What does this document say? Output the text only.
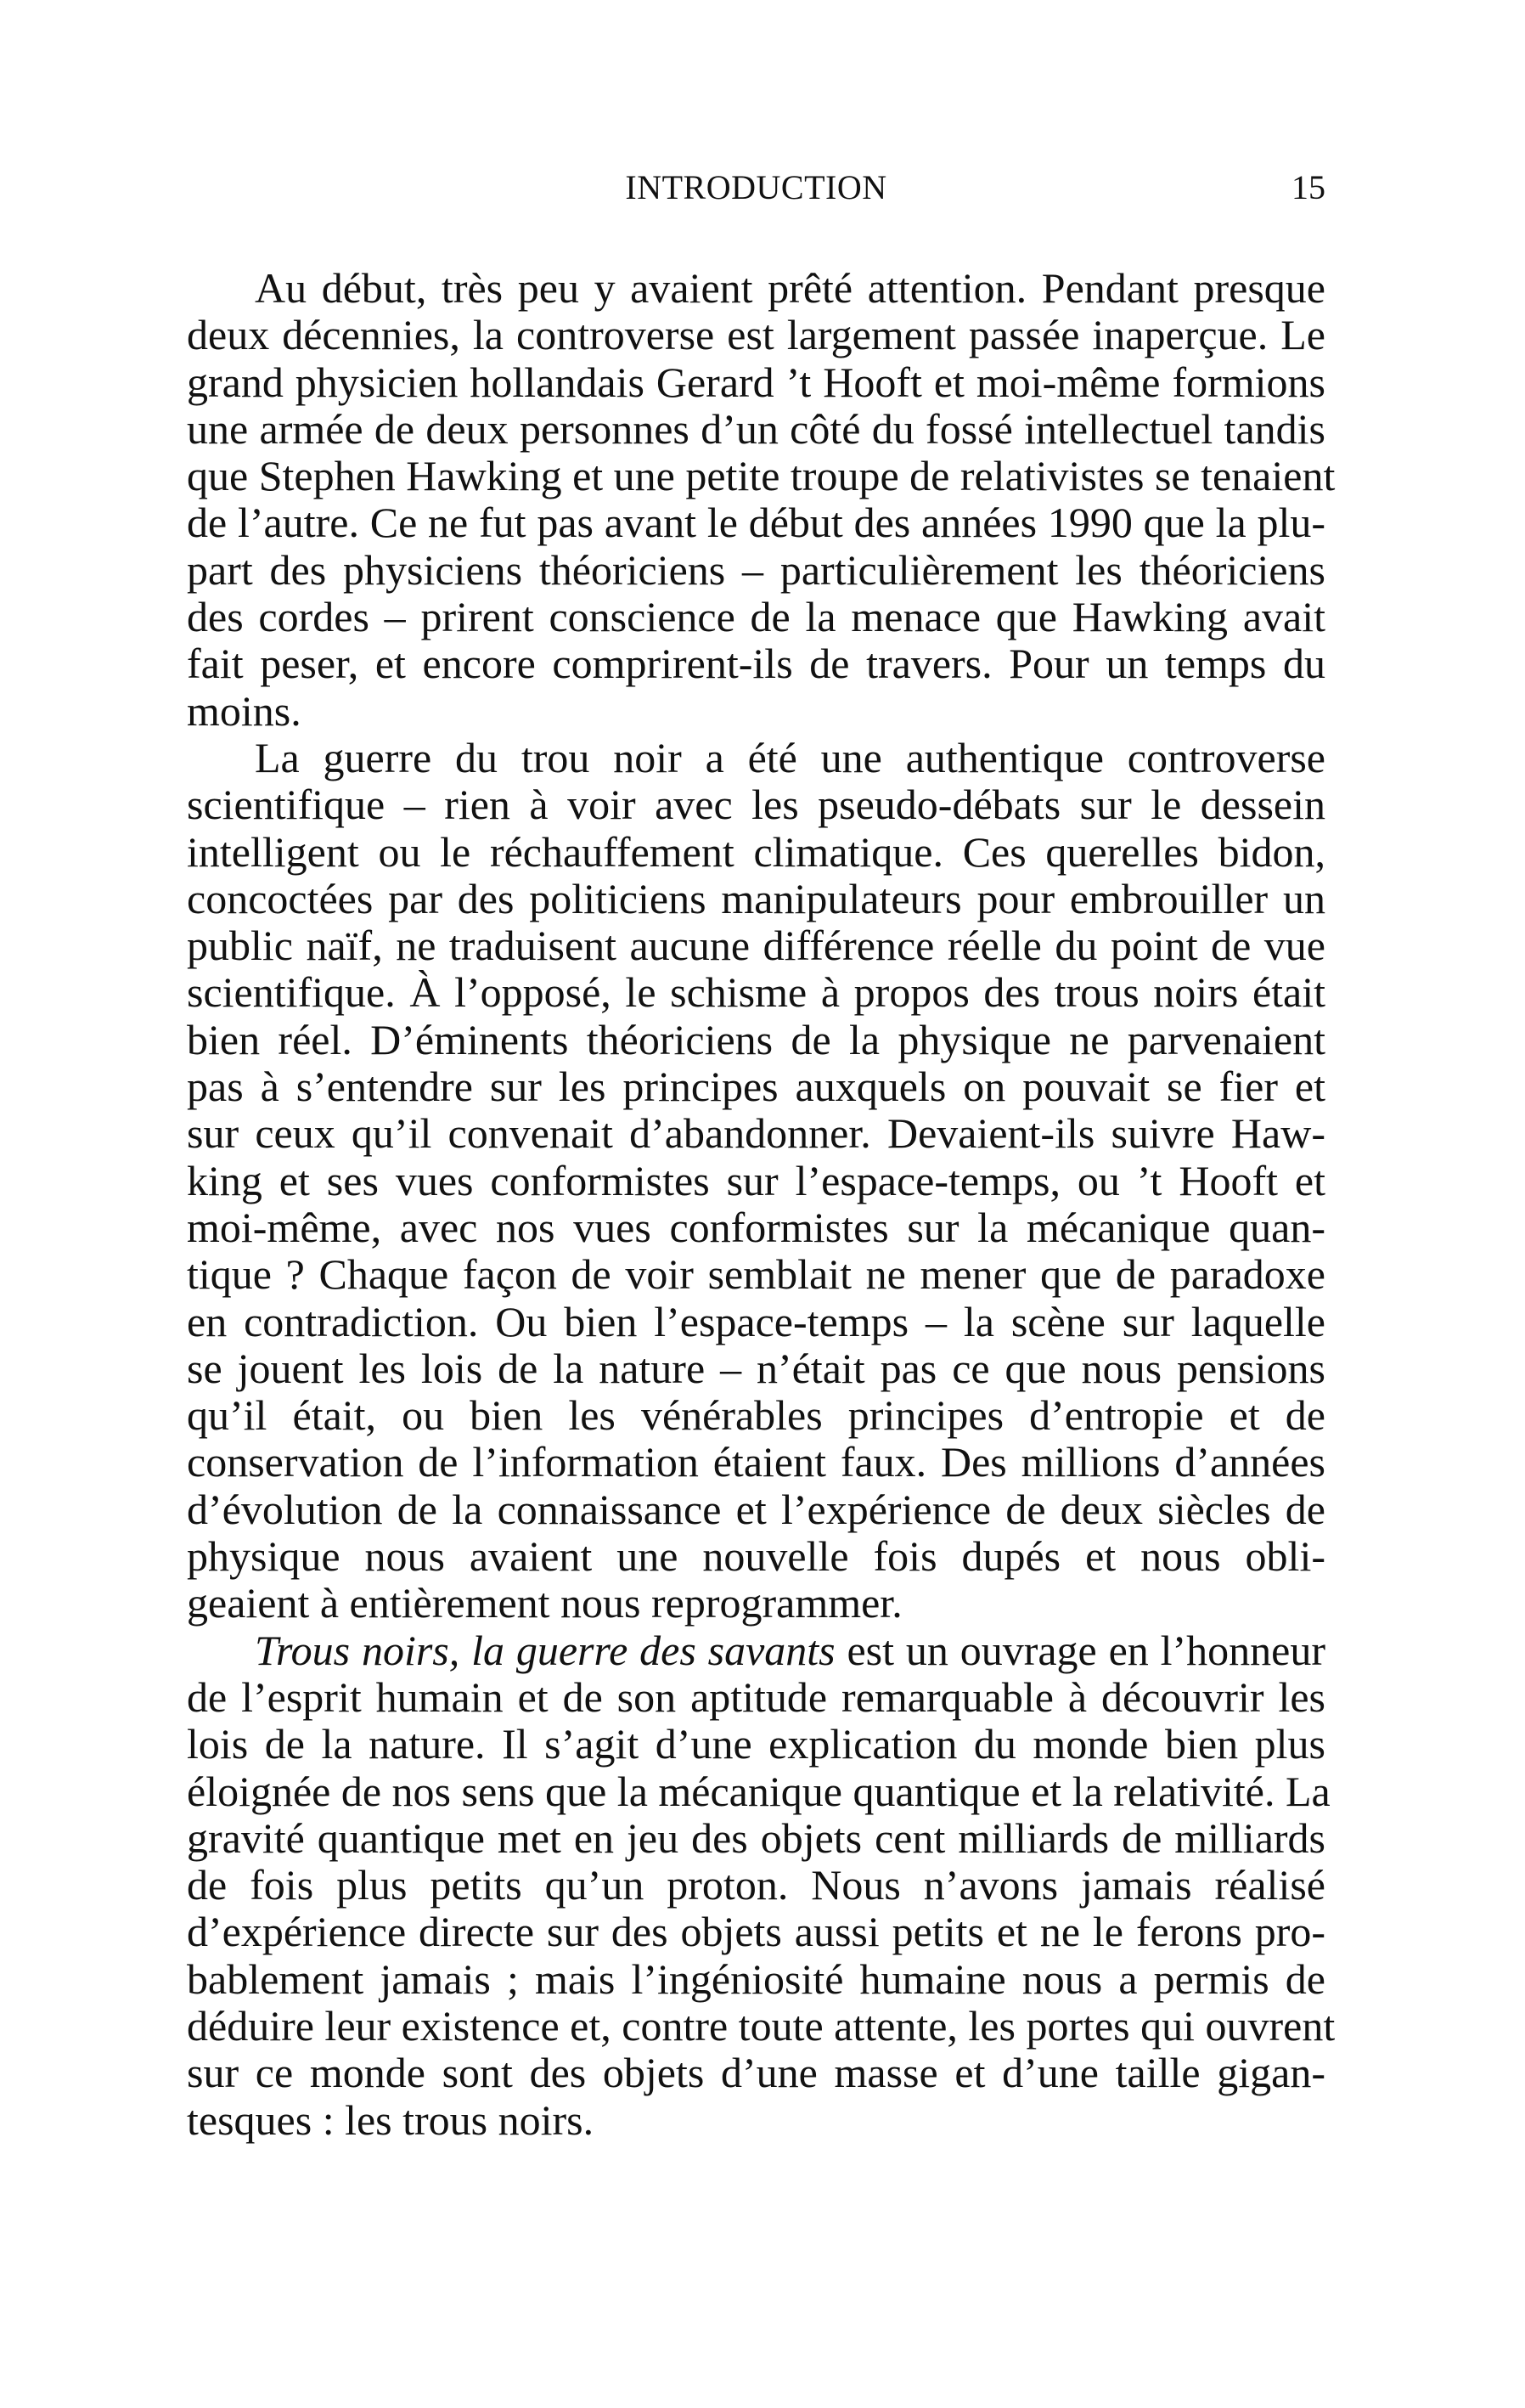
INTRODUCTION	15
Au début, très peu y avaient prêté attention. Pendant presque
deux décennies, la controverse est largement passée inaperçue. Le
grand physicien hollandais Gerard ’t Hooft et moi-même formions
une armée de deux personnes d’un côté du fossé intellectuel tandis
que Stephen Hawking et une petite troupe de relativistes se tenaient
de l’autre. Ce ne fut pas avant le début des années 1990 que la plu-
part des physiciens théoriciens – particulièrement les théoriciens
des cordes – prirent conscience de la menace que Hawking avait
fait peser, et encore comprirent-ils de travers. Pour un temps du
moins.
La guerre du trou noir a été une authentique controverse
scientifique – rien à voir avec les pseudo-débats sur le dessein
intelligent ou le réchauffement climatique. Ces querelles bidon,
concoctées par des politiciens manipulateurs pour embrouiller un
public naïf, ne traduisent aucune différence réelle du point de vue
scientifique. À l’opposé, le schisme à propos des trous noirs était
bien réel. D’éminents théoriciens de la physique ne parvenaient
pas à s’entendre sur les principes auxquels on pouvait se fier et
sur ceux qu’il convenait d’abandonner. Devaient-ils suivre Haw-
king et ses vues conformistes sur l’espace-temps, ou ’t Hooft et
moi-même, avec nos vues conformistes sur la mécanique quan-
tique ? Chaque façon de voir semblait ne mener que de paradoxe
en contradiction. Ou bien l’espace-temps – la scène sur laquelle
se jouent les lois de la nature – n’était pas ce que nous pensions
qu’il était, ou bien les vénérables principes d’entropie et de
conservation de l’information étaient faux. Des millions d’années
d’évolution de la connaissance et l’expérience de deux siècles de
physique nous avaient une nouvelle fois dupés et nous obli-
geaient à entièrement nous reprogrammer.
Trous noirs, la guerre des savants est un ouvrage en l’honneur
de l’esprit humain et de son aptitude remarquable à découvrir les
lois de la nature. Il s’agit d’une explication du monde bien plus
éloignée de nos sens que la mécanique quantique et la relativité. La
gravité quantique met en jeu des objets cent milliards de milliards
de fois plus petits qu’un proton. Nous n’avons jamais réalisé
d’expérience directe sur des objets aussi petits et ne le ferons pro-
bablement jamais ; mais l’ingéniosité humaine nous a permis de
déduire leur existence et, contre toute attente, les portes qui ouvrent
sur ce monde sont des objets d’une masse et d’une taille gigan-
tesques : les trous noirs.
